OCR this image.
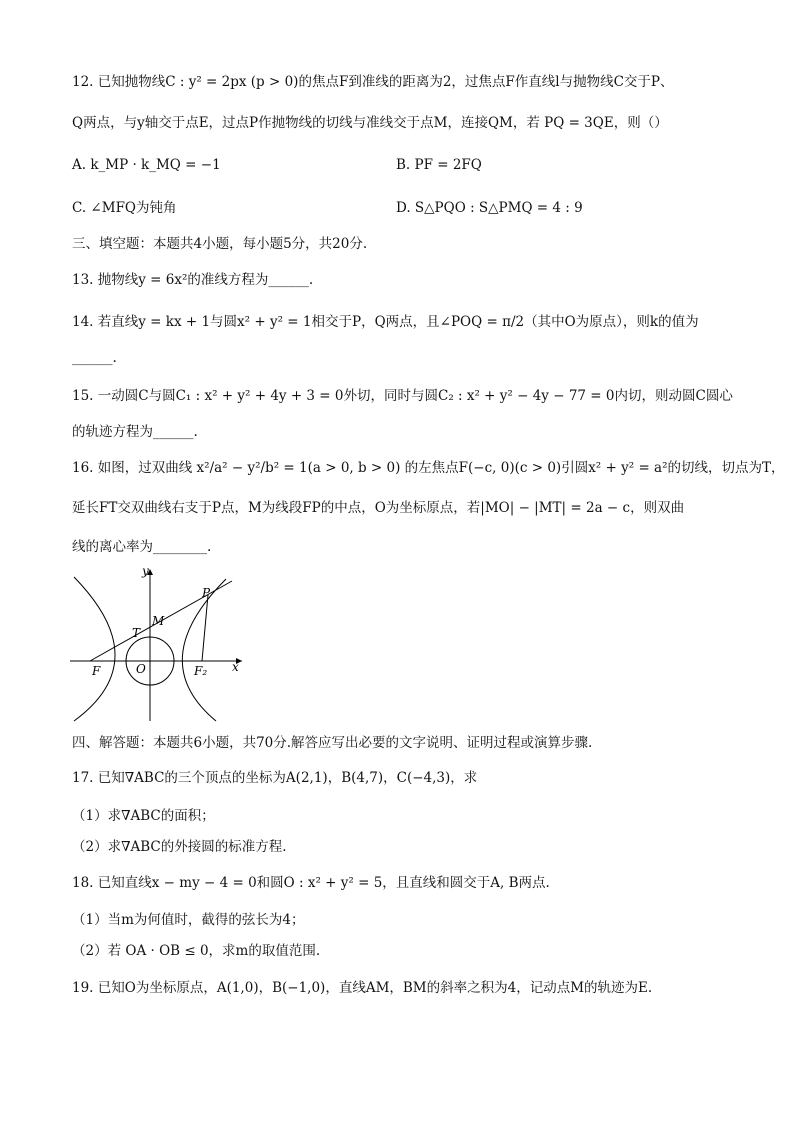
12. 已知抛物线C : y² = 2px (p > 0)的焦点F到准线的距离为2，过焦点F作直线l与抛物线C交于P、
Q两点，与y轴交于点E，过点P作抛物线的切线与准线交于点M，连接QM，若 PQ = 3QE，则（）
A. k_MP · k_MQ = −1	B. PF = 2FQ
C. ∠MFQ为钝角	D. S△PQO : S△PMQ = 4 : 9
三、填空题：本题共4小题，每小题5分，共20分.
13. 抛物线y = 6x²的准线方程为______.
14. 若直线y = kx + 1与圆x² + y² = 1相交于P，Q两点，且∠POQ = π/2（其中O为原点），则k的值为
______.
15. 一动圆C与圆C₁ : x² + y² + 4y + 3 = 0外切，同时与圆C₂ : x² + y² − 4y − 77 = 0内切，则动圆C圆心
的轨迹方程为______.
16. 如图，过双曲线 x²/a² − y²/b² = 1(a > 0, b > 0) 的左焦点F(−c, 0)(c > 0)引圆x² + y² = a²的切线，切点为T，
延长FT交双曲线右支于P点，M为线段FP的中点，O为坐标原点，若|MO| − |MT| = 2a − c，则双曲
线的离心率为________.
y
x
P
M
T
F	O	F₂
四、解答题：本题共6小题，共70分.解答应写出必要的文字说明、证明过程或演算步骤.
17. 已知∇ABC的三个顶点的坐标为A(2,1)，B(4,7)，C(−4,3)，求
（1）求∇ABC的面积；
（2）求∇ABC的外接圆的标准方程.
18. 已知直线x − my − 4 = 0和圆O : x² + y² = 5，且直线和圆交于A, B两点.
（1）当m为何值时，截得的弦长为4；
（2）若 OA · OB ≤ 0，求m的取值范围.
19. 已知O为坐标原点，A(1,0)，B(−1,0)，直线AM，BM的斜率之积为4，记动点M的轨迹为E.
